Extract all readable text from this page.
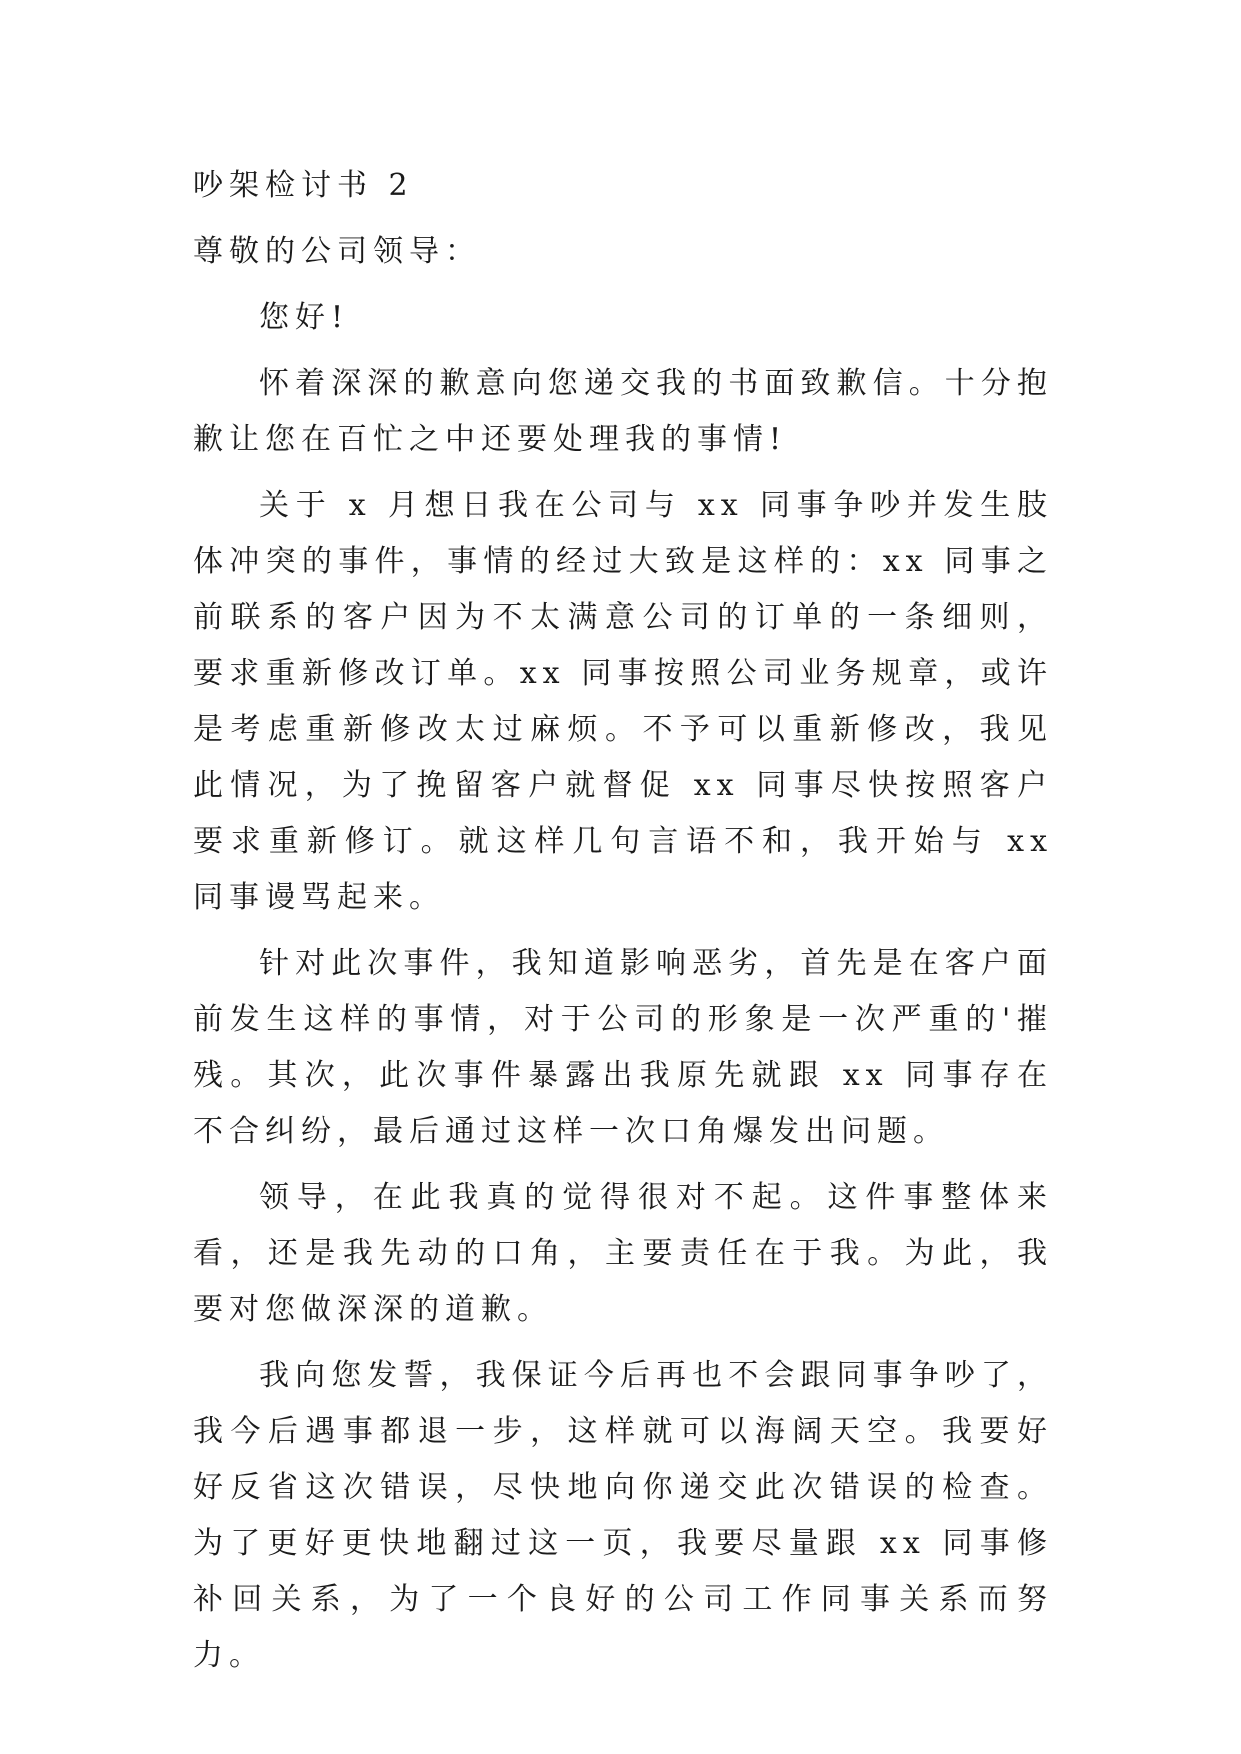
吵架检讨书 2

尊敬的公司领导：

您好!

怀着深深的歉意向您递交我的书面致歉信。十分抱歉让您在百忙之中还要处理我的事情!

关于 x 月想日我在公司与 xx 同事争吵并发生肢体冲突的事件，事情的经过大致是这样的：xx 同事之前联系的客户因为不太满意公司的订单的一条细则，要求重新修改订单。xx 同事按照公司业务规章，或许是考虑重新修改太过麻烦。不予可以重新修改，我见此情况，为了挽留客户就督促 xx 同事尽快按照客户要求重新修订。就这样几句言语不和，我开始与 xx 同事谩骂起来。

针对此次事件，我知道影响恶劣，首先是在客户面前发生这样的事情，对于公司的形象是一次严重的'摧残。其次，此次事件暴露出我原先就跟 xx 同事存在不合纠纷，最后通过这样一次口角爆发出问题。

领导，在此我真的觉得很对不起。这件事整体来看，还是我先动的口角，主要责任在于我。为此，我要对您做深深的道歉。

我向您发誓，我保证今后再也不会跟同事争吵了，我今后遇事都退一步，这样就可以海阔天空。我要好好反省这次错误，尽快地向你递交此次错误的检查。为了更好更快地翻过这一页，我要尽量跟 xx 同事修补回关系，为了一个良好的公司工作同事关系而努力。
